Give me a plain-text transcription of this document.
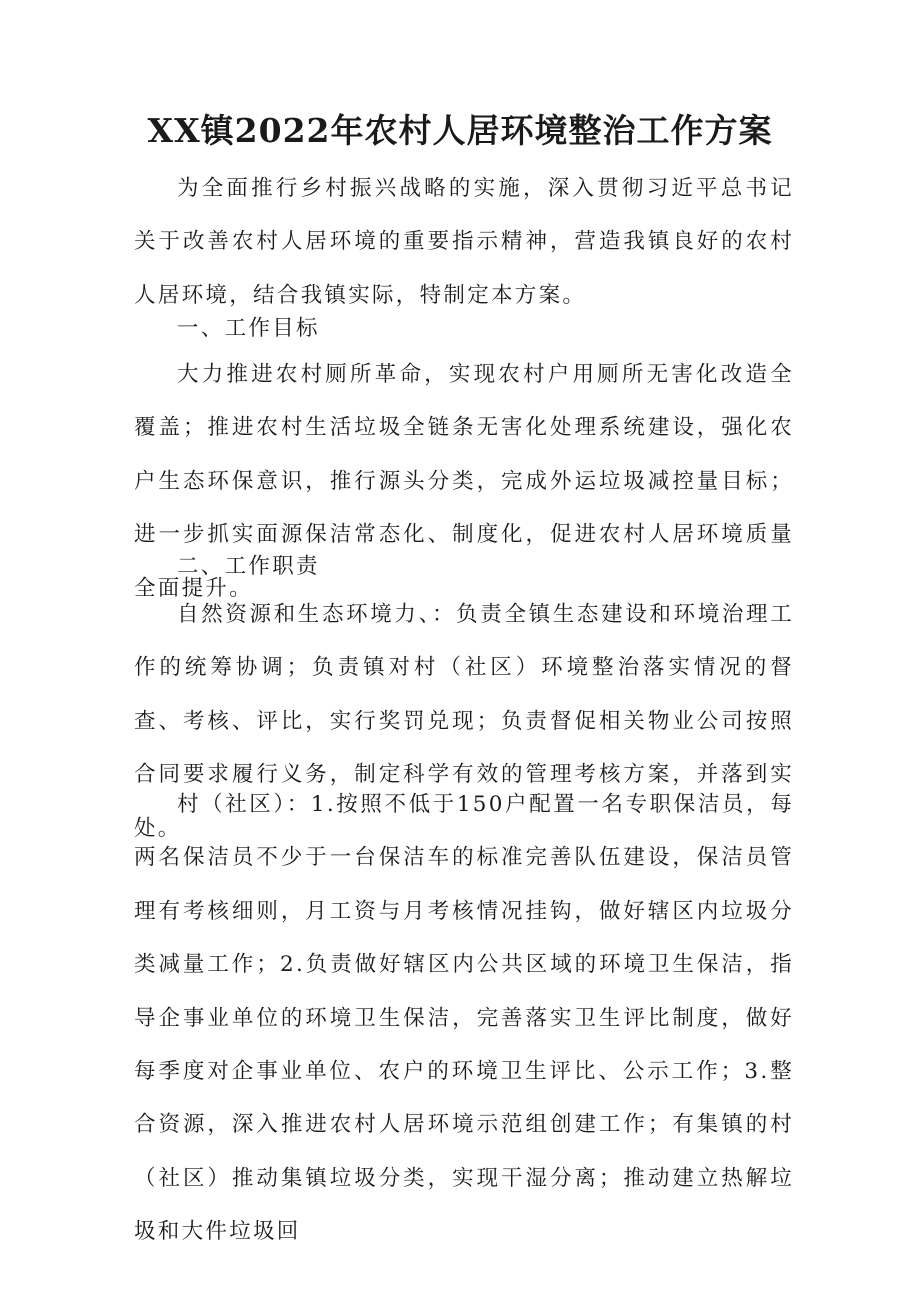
XX镇2022年农村人居环境整治工作方案

为全面推行乡村振兴战略的实施，深入贯彻习近平总书记关于改善农村人居环境的重要指示精神，营造我镇良好的农村人居环境，结合我镇实际，特制定本方案。

一、工作目标

大力推进农村厕所革命，实现农村户用厕所无害化改造全覆盖；推进农村生活垃圾全链条无害化处理系统建设，强化农户生态环保意识，推行源头分类，完成外运垃圾减控量目标；进一步抓实面源保洁常态化、制度化，促进农村人居环境质量全面提升。

二、工作职责

自然资源和生态环境力、：负责全镇生态建设和环境治理工作的统筹协调；负责镇对村（社区）环境整治落实情况的督查、考核、评比，实行奖罚兑现；负责督促相关物业公司按照合同要求履行义务，制定科学有效的管理考核方案，并落到实处。

村（社区）：1.按照不低于150户配置一名专职保洁员，每两名保洁员不少于一台保洁车的标准完善队伍建设，保洁员管理有考核细则，月工资与月考核情况挂钩，做好辖区内垃圾分类减量工作；2.负责做好辖区内公共区域的环境卫生保洁，指导企事业单位的环境卫生保洁，完善落实卫生评比制度，做好每季度对企事业单位、农户的环境卫生评比、公示工作；3.整合资源，深入推进农村人居环境示范组创建工作；有集镇的村（社区）推动集镇垃圾分类，实现干湿分离；推动建立热解垃圾和大件垃圾回
